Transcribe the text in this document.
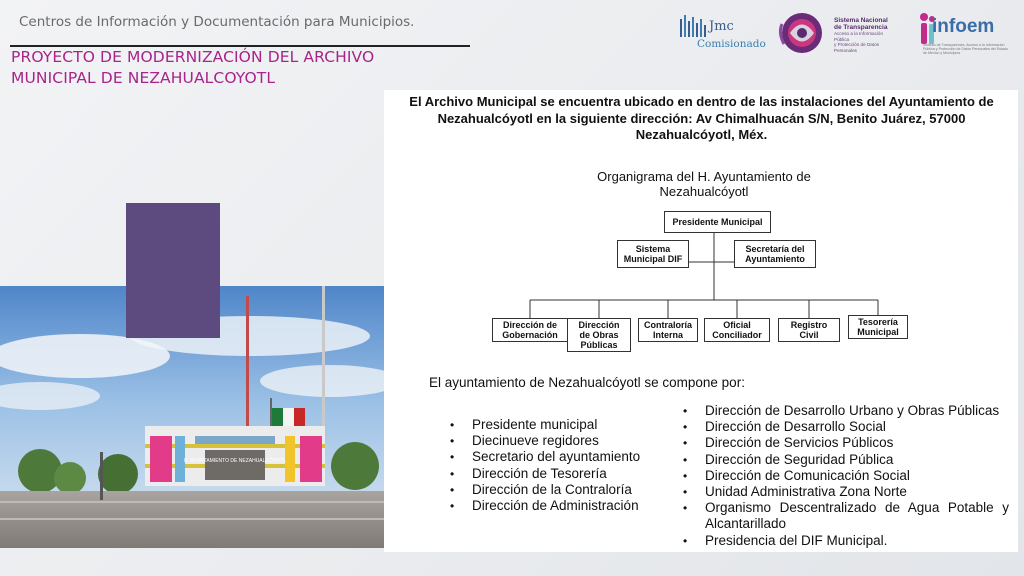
Centros de Información y Documentación para Municipios.
PROYECTO DE MODERNIZACIÓN DEL ARCHIVO MUNICIPAL DE NEZAHUALCOYOTL
Jmc
Comisionado
Sistema Nacional
de Transparencia
Acceso a la Información Pública
y Protección de Datos Personales
infoem
Instituto de Transparencia, Acceso a la Información Pública y Protección de Datos Personales del Estado de México y Municipios
H. AYUNTAMIENTO DE NEZAHUALCÓYOTL
El Archivo Municipal se encuentra ubicado en dentro de las instalaciones del Ayuntamiento de Nezahualcóyotl en la siguiente dirección: Av Chimalhuacán S/N, Benito Juárez, 57000 Nezahualcóyotl, Méx.
Organigrama del H. Ayuntamiento de
Nezahualcóyotl
Presidente Municipal
Sistema
Municipal DIF
Secretaría del
Ayuntamiento
Dirección de
Gobernación
Dirección
de Obras
Públicas
Contraloría
Interna
Oficial
Conciliador
Registro
Civil
Tesorería
Municipal
El ayuntamiento de Nezahualcóyotl se compone por:
• Presidente municipal
• Diecinueve regidores
• Secretario del ayuntamiento
• Dirección de Tesorería
• Dirección de la Contraloría
• Dirección de Administración
• Dirección de Desarrollo Urbano y Obras Públicas
• Dirección de Desarrollo Social
• Dirección de Servicios Públicos
• Dirección de Seguridad Pública
• Dirección de Comunicación Social
• Unidad Administrativa Zona Norte
• Organismo Descentralizado de Agua Potable y Alcantarillado
• Presidencia del DIF Municipal.
